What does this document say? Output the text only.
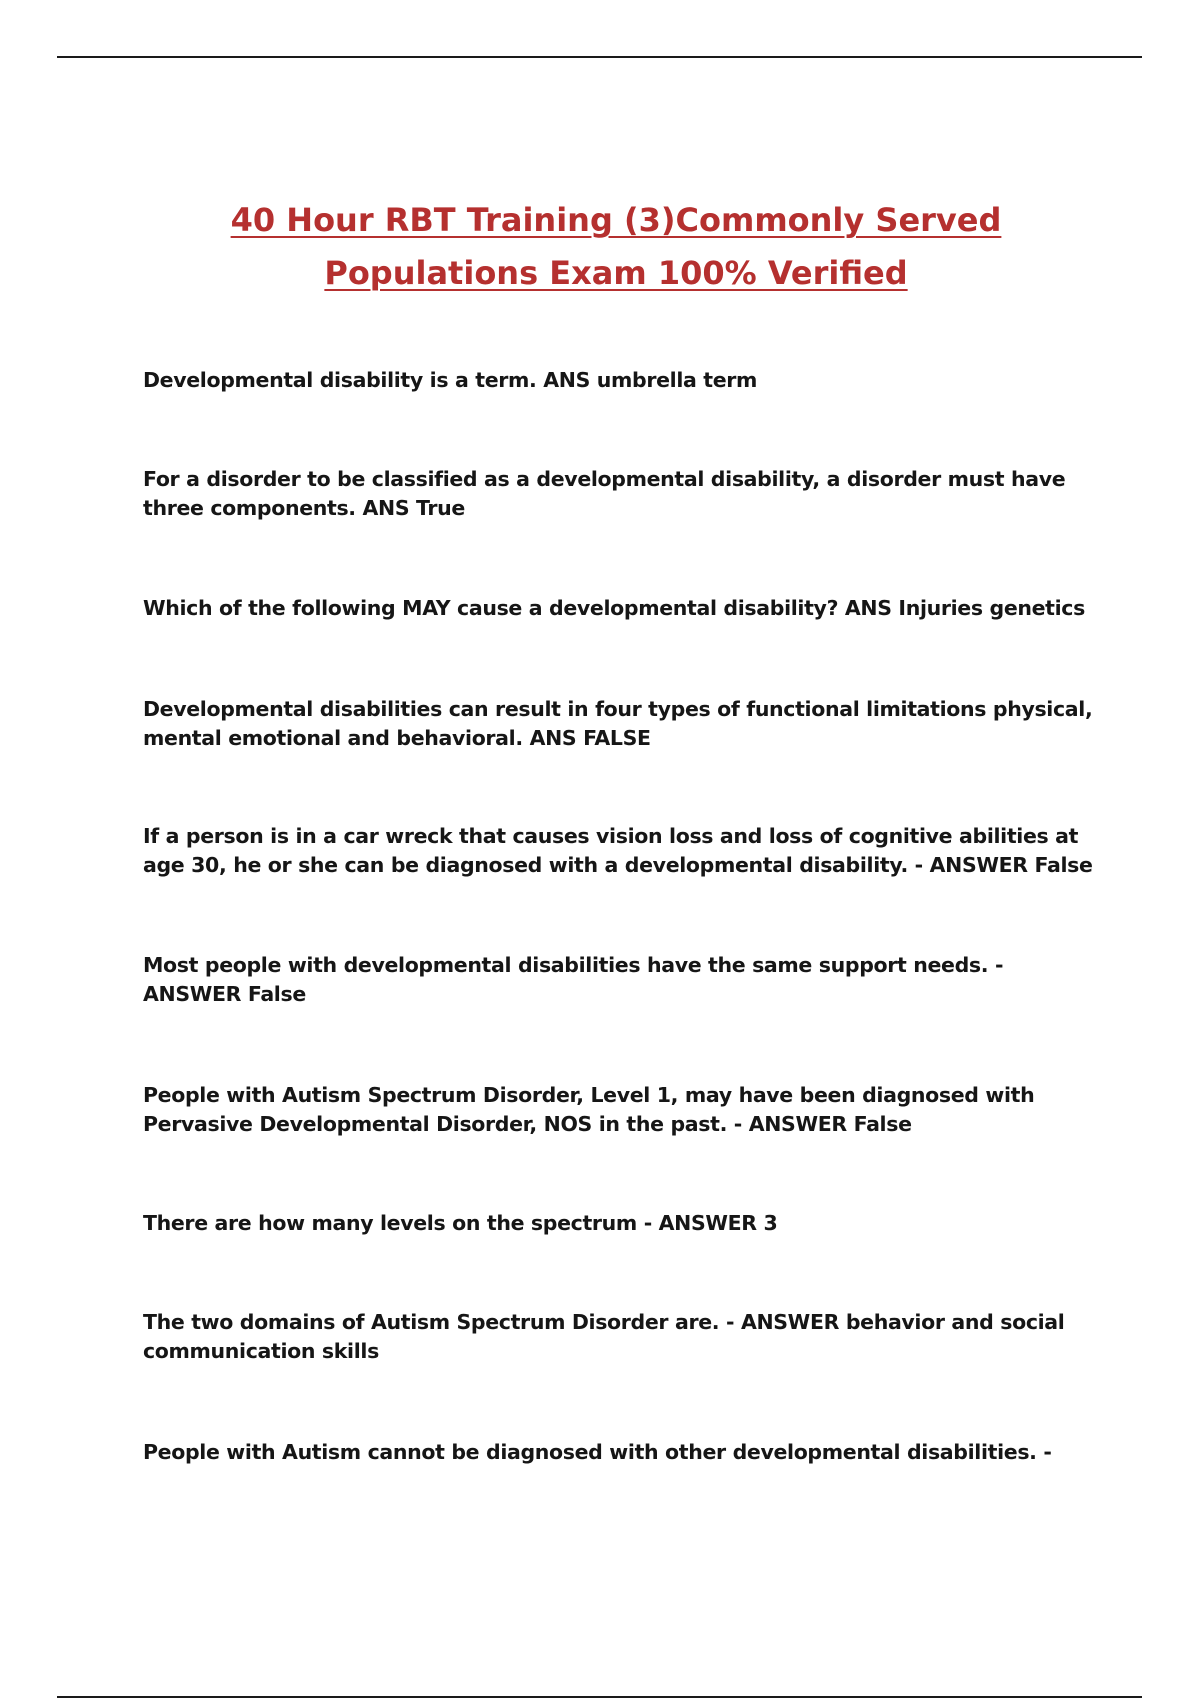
40 Hour RBT Training (3)Commonly Served
Populations Exam 100% Verified

Developmental disability is a term. ANS umbrella term

For a disorder to be classified as a developmental disability, a disorder must have three components. ANS True

Which of the following MAY cause a developmental disability? ANS Injuries genetics

Developmental disabilities can result in four types of functional limitations physical, mental emotional and behavioral. ANS FALSE

If a person is in a car wreck that causes vision loss and loss of cognitive abilities at age 30, he or she can be diagnosed with a developmental disability. - ANSWER False

Most people with developmental disabilities have the same support needs. - ANSWER False

People with Autism Spectrum Disorder, Level 1, may have been diagnosed with Pervasive Developmental Disorder, NOS in the past. - ANSWER False

There are how many levels on the spectrum - ANSWER 3

The two domains of Autism Spectrum Disorder are. - ANSWER behavior and social communication skills

People with Autism cannot be diagnosed with other developmental disabilities. -
